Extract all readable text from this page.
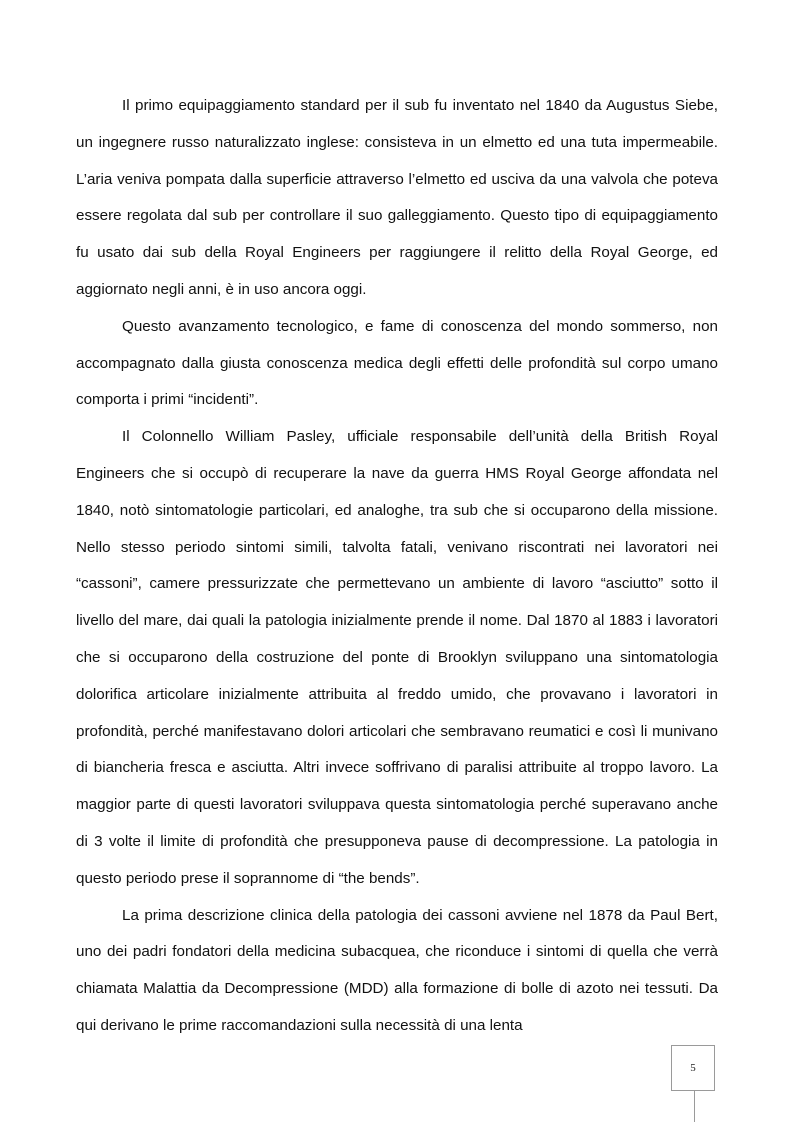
Il primo equipaggiamento standard per il sub fu inventato nel 1840 da Augustus Siebe, un ingegnere russo naturalizzato inglese: consisteva in un elmetto ed una tuta impermeabile. L’aria veniva pompata dalla superficie attraverso l’elmetto ed usciva da una valvola che poteva essere regolata dal sub per controllare il suo galleggiamento. Questo tipo di equipaggiamento fu usato dai sub della Royal Engineers per raggiungere il relitto della Royal George, ed aggiornato negli anni, è in uso ancora oggi.

Questo avanzamento tecnologico, e fame di conoscenza del mondo sommerso, non accompagnato dalla giusta conoscenza medica degli effetti delle profondità sul corpo umano comporta i primi “incidenti”.

Il Colonnello William Pasley, ufficiale responsabile dell’unità della British Royal Engineers che si occupò di recuperare la nave da guerra HMS Royal George affondata nel 1840, notò sintomatologie particolari, ed analoghe, tra sub che si occuparono della missione. Nello stesso periodo sintomi simili, talvolta fatali, venivano riscontrati nei lavoratori nei “cassoni”, camere pressurizzate che permettevano un ambiente di lavoro “asciutto” sotto il livello del mare, dai quali la patologia inizialmente prende il nome. Dal 1870 al 1883 i lavoratori che si occuparono della costruzione del ponte di Brooklyn sviluppano una sintomatologia dolorifica articolare inizialmente attribuita al freddo umido, che provavano i lavoratori in profondità, perché manifestavano dolori articolari che sembravano reumatici e così li munivano di biancheria fresca e asciutta. Altri invece soffrivano di paralisi attribuite al troppo lavoro. La maggior parte di questi lavoratori sviluppava questa sintomatologia perché superavano anche di 3 volte il limite di profondità che presupponeva pause di decompressione. La patologia in questo periodo prese il soprannome di “the bends”.

La prima descrizione clinica della patologia dei cassoni avviene nel 1878 da Paul Bert, uno dei padri fondatori della medicina subacquea, che riconduce i sintomi di quella che verrà chiamata Malattia da Decompressione (MDD) alla formazione di bolle di azoto nei tessuti. Da qui derivano le prime raccomandazioni sulla necessità di una lenta

5
